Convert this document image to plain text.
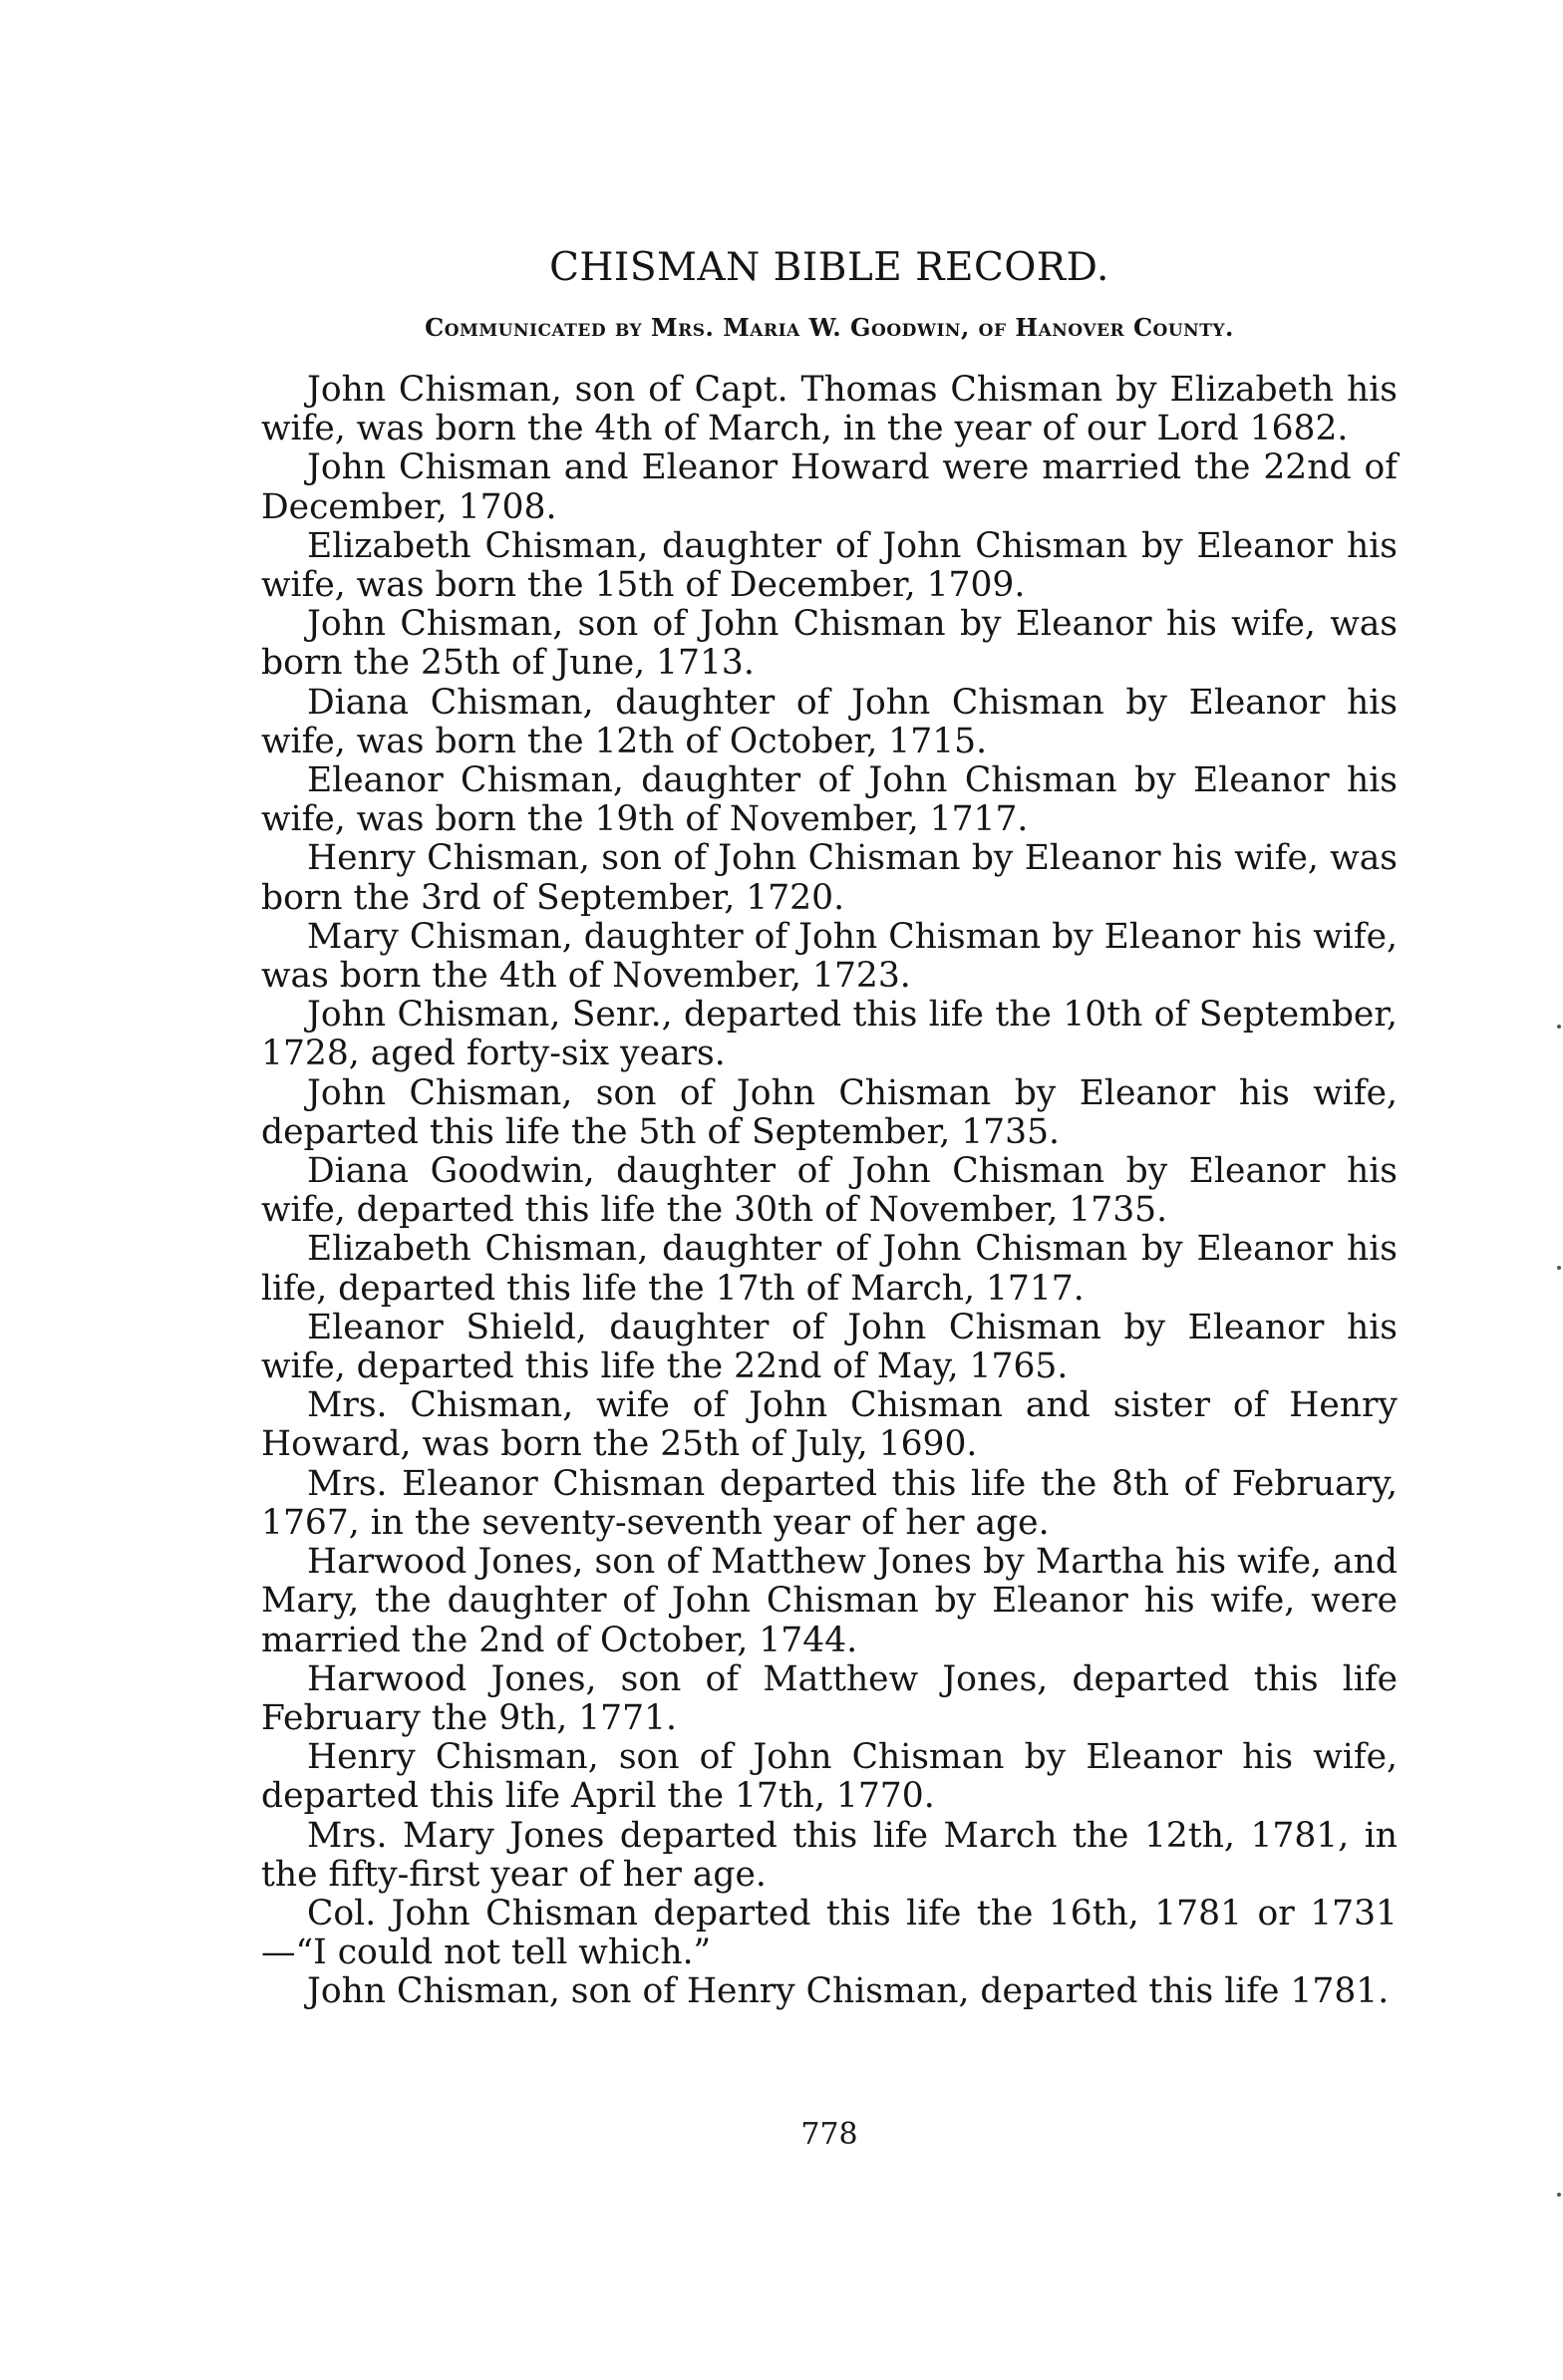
CHISMAN BIBLE RECORD.

Communicated by Mrs. Maria W. Goodwin, of Hanover County.

John Chisman, son of Capt. Thomas Chisman by Elizabeth his wife, was born the 4th of March, in the year of our Lord 1682.

John Chisman and Eleanor Howard were married the 22nd of December, 1708.

Elizabeth Chisman, daughter of John Chisman by Eleanor his wife, was born the 15th of December, 1709.

John Chisman, son of John Chisman by Eleanor his wife, was born the 25th of June, 1713.

Diana Chisman, daughter of John Chisman by Eleanor his wife, was born the 12th of October, 1715.

Eleanor Chisman, daughter of John Chisman by Eleanor his wife, was born the 19th of November, 1717.

Henry Chisman, son of John Chisman by Eleanor his wife, was born the 3rd of September, 1720.

Mary Chisman, daughter of John Chisman by Eleanor his wife, was born the 4th of November, 1723.

John Chisman, Senr., departed this life the 10th of September, 1728, aged forty-six years.

John Chisman, son of John Chisman by Eleanor his wife, departed this life the 5th of September, 1735.

Diana Goodwin, daughter of John Chisman by Eleanor his wife, departed this life the 30th of November, 1735.

Elizabeth Chisman, daughter of John Chisman by Eleanor his life, departed this life the 17th of March, 1717.

Eleanor Shield, daughter of John Chisman by Eleanor his wife, departed this life the 22nd of May, 1765.

Mrs. Chisman, wife of John Chisman and sister of Henry Howard, was born the 25th of July, 1690.

Mrs. Eleanor Chisman departed this life the 8th of February, 1767, in the seventy-seventh year of her age.

Harwood Jones, son of Matthew Jones by Martha his wife, and Mary, the daughter of John Chisman by Eleanor his wife, were married the 2nd of October, 1744.

Harwood Jones, son of Matthew Jones, departed this life February the 9th, 1771.

Henry Chisman, son of John Chisman by Eleanor his wife, departed this life April the 17th, 1770.

Mrs. Mary Jones departed this life March the 12th, 1781, in the fifty-first year of her age.

Col. John Chisman departed this life the 16th, 1781 or 1731—“I could not tell which.”

John Chisman, son of Henry Chisman, departed this life 1781.

778
